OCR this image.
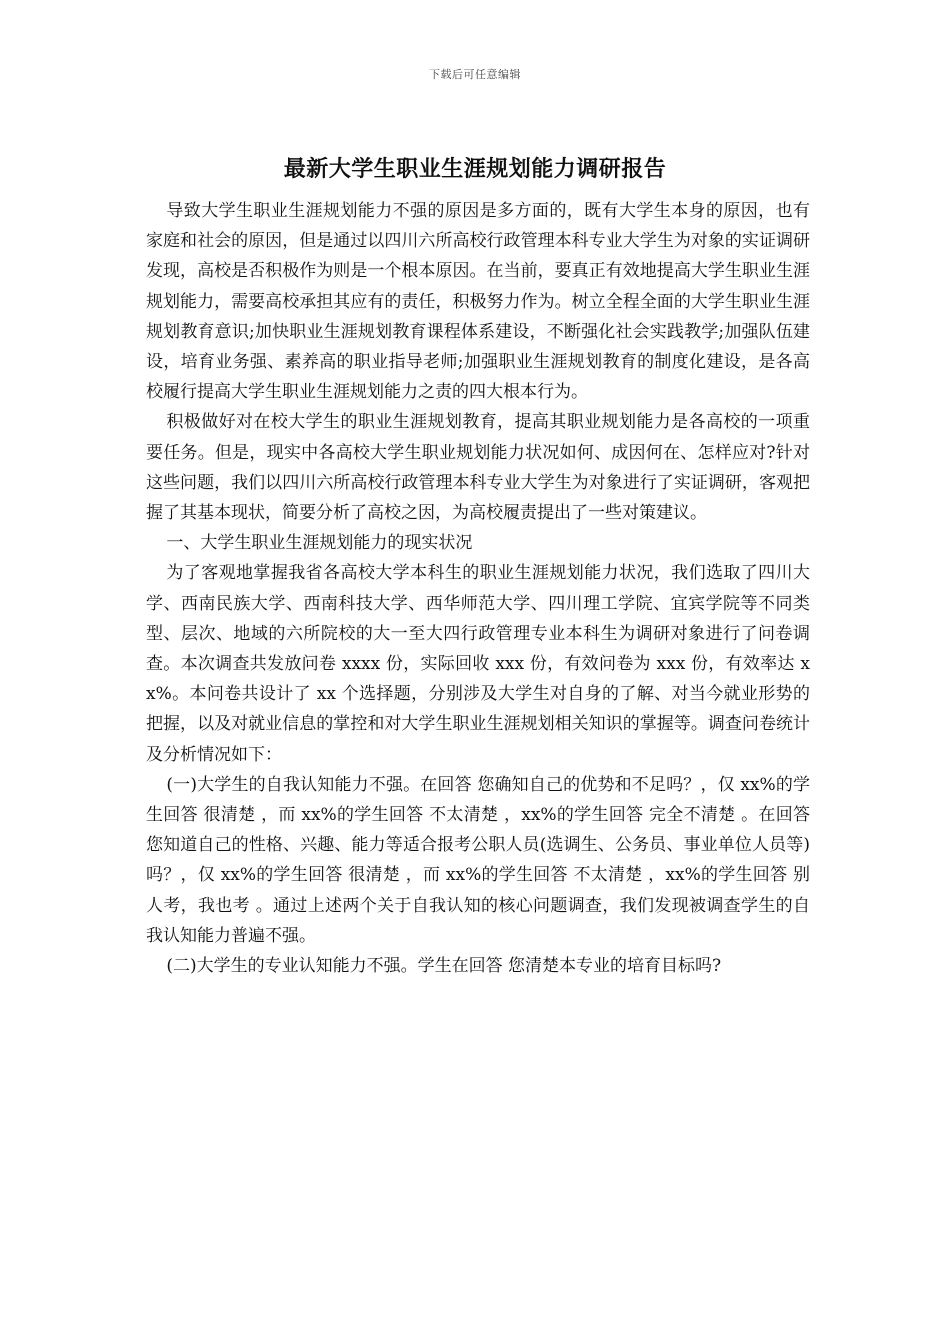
下载后可任意编辑
最新大学生职业生涯规划能力调研报告

导致大学生职业生涯规划能力不强的原因是多方面的，既有大学生本身的原因，也有家庭和社会的原因，但是通过以四川六所高校行政管理本科专业大学生为对象的实证调研发现，高校是否积极作为则是一个根本原因。在当前，要真正有效地提高大学生职业生涯规划能力，需要高校承担其应有的责任，积极努力作为。树立全程全面的大学生职业生涯规划教育意识;加快职业生涯规划教育课程体系建设，不断强化社会实践教学;加强队伍建设，培育业务强、素养高的职业指导老师;加强职业生涯规划教育的制度化建设，是各高校履行提高大学生职业生涯规划能力之责的四大根本行为。

积极做好对在校大学生的职业生涯规划教育，提高其职业规划能力是各高校的一项重要任务。但是，现实中各高校大学生职业规划能力状况如何、成因何在、怎样应对?针对这些问题，我们以四川六所高校行政管理本科专业大学生为对象进行了实证调研，客观把握了其基本现状，简要分析了高校之因，为高校履责提出了一些对策建议。

一、大学生职业生涯规划能力的现实状况

为了客观地掌握我省各高校大学本科生的职业生涯规划能力状况，我们选取了四川大学、西南民族大学、西南科技大学、西华师范大学、四川理工学院、宜宾学院等不同类型、层次、地域的六所院校的大一至大四行政管理专业本科生为调研对象进行了问卷调查。本次调查共发放问卷 xxxx 份，实际回收 xxx 份，有效问卷为 xxx 份，有效率达 xx%。本问卷共设计了 xx 个选择题，分别涉及大学生对自身的了解、对当今就业形势的把握，以及对就业信息的掌控和对大学生职业生涯规划相关知识的掌握等。调查问卷统计及分析情况如下：

(一)大学生的自我认知能力不强。在回答 您确知自己的优势和不足吗？，仅 xx%的学生回答 很清楚 ，而 xx%的学生回答 不太清楚 ，xx%的学生回答 完全不清楚 。在回答 您知道自己的性格、兴趣、能力等适合报考公职人员(选调生、公务员、事业单位人员等)吗？，仅 xx%的学生回答 很清楚 ，而 xx%的学生回答 不太清楚 ，xx%的学生回答 别人考，我也考 。通过上述两个关于自我认知的核心问题调查，我们发现被调查学生的自我认知能力普遍不强。

(二)大学生的专业认知能力不强。学生在回答 您清楚本专业的培育目标吗?
